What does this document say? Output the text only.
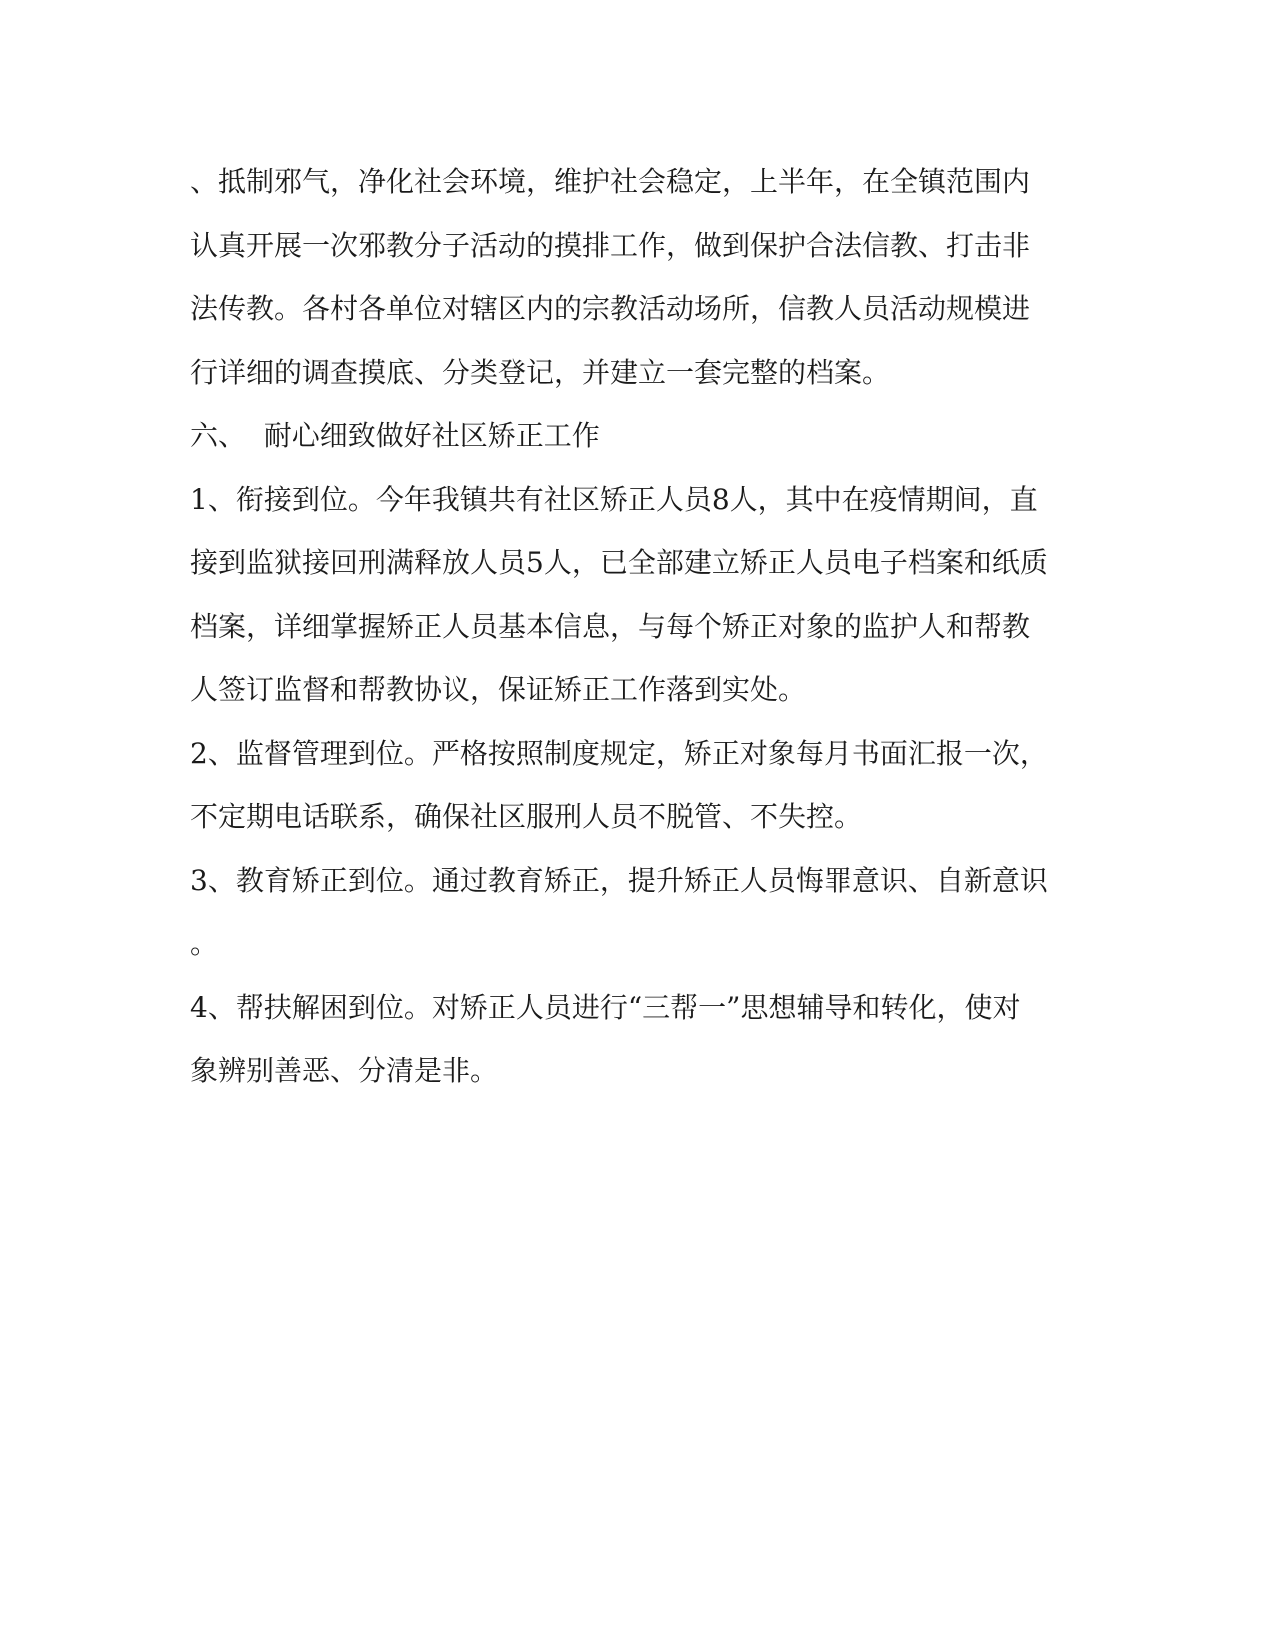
、抵制邪气，净化社会环境，维护社会稳定，上半年，在全镇范围内

认真开展一次邪教分子活动的摸排工作，做到保护合法信教、打击非

法传教。各村各单位对辖区内的宗教活动场所，信教人员活动规模进

行详细的调查摸底、分类登记，并建立一套完整的档案。

六、  耐心细致做好社区矫正工作

1、衔接到位。今年我镇共有社区矫正人员8人，其中在疫情期间，直

接到监狱接回刑满释放人员5人，已全部建立矫正人员电子档案和纸质

档案，详细掌握矫正人员基本信息，与每个矫正对象的监护人和帮教

人签订监督和帮教协议，保证矫正工作落到实处。

2、监督管理到位。严格按照制度规定，矫正对象每月书面汇报一次，

不定期电话联系，确保社区服刑人员不脱管、不失控。

3、教育矫正到位。通过教育矫正，提升矫正人员悔罪意识、自新意识

。

4、帮扶解困到位。对矫正人员进行“三帮一”思想辅导和转化，使对

象辨别善恶、分清是非。
